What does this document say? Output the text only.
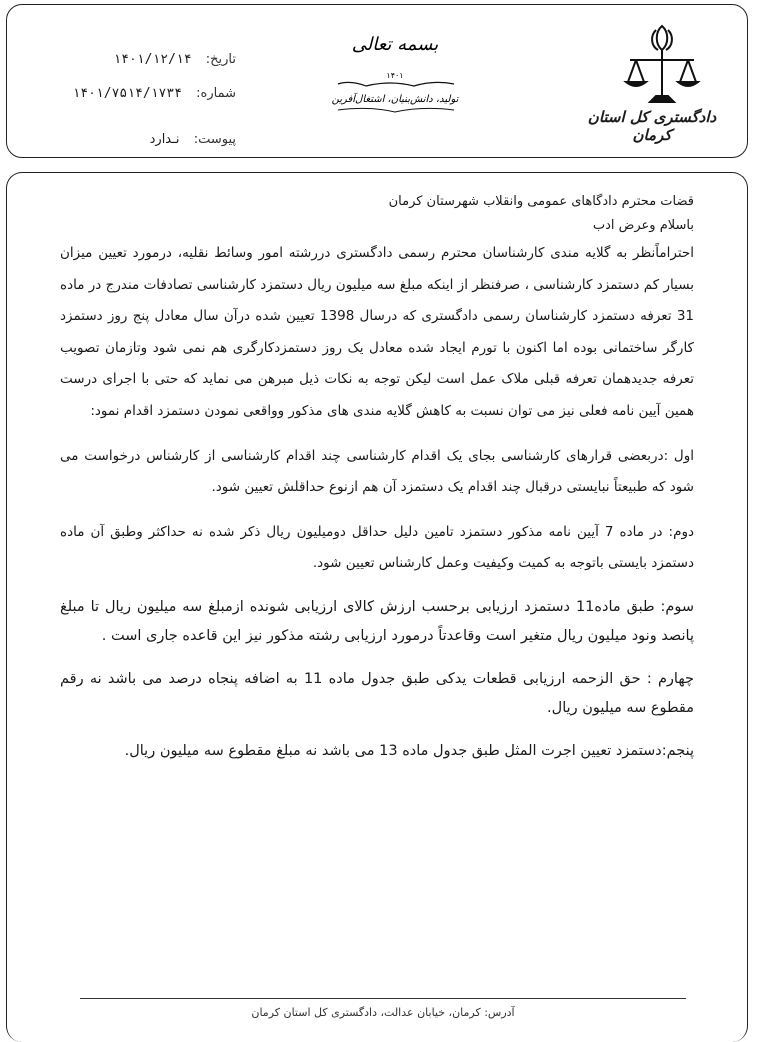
دادگستری کل استان کرمان
بسمه تعالی
۱۴۰۱
تولید، دانش‌بنیان، اشتغال‌آفرین
تاریخ: ۱۴۰۱/۱۲/۱۴
شماره: ۱۴۰۱/۷۵۱۴/۱۷۳۴
پیوست: نـدارد

قضات محترم دادگاهای عمومی وانقلاب شهرستان کرمان

باسلام وعرض ادب

احتراماًنظر به گلایه مندی کارشناسان محترم رسمی دادگستری دررشته امور وسائط نقلیه، درمورد تعیین میزان بسیار کم دستمزد کارشناسی ، صرفنظر از اینکه مبلغ سه میلیون ریال دستمزد کارشناسی تصادفات مندرج در ماده 31 تعرفه دستمزد کارشناسان رسمی دادگستری که درسال 1398 تعیین شده درآن سال معادل پنج روز دستمزد کارگر ساختمانی بوده اما اکنون با تورم ایجاد شده معادل یک روز دستمزدکارگری هم نمی شود وتازمان تصویب تعرفه جدیدهمان تعرفه قبلی ملاک عمل است لیکن توجه به نکات ذیل مبرهن می نماید که حتی با اجرای درست همین آیین نامه فعلی نیز می توان نسبت به کاهش گلایه مندی های مذکور وواقعی نمودن دستمزد اقدام نمود:

اول :دربعضی قرارهای کارشناسی بجای یک اقدام کارشناسی چند اقدام کارشناسی از کارشناس درخواست می شود که طبیعتاً نبایستی درقبال چند اقدام یک دستمزد آن هم ازنوع حداقلش تعیین شود.

دوم: در ماده 7 آیین نامه مذکور دستمزد تامین دلیل حداقل دومیلیون ریال ذکر شده نه حداکثر وطبق آن ماده دستمزد بایستی باتوجه به کمیت وکیفیت وعمل کارشناس تعیین شود.

سوم: طبق ماده11 دستمزد ارزیابی برحسب ارزش کالای ارزیابی شونده ازمبلغ سه میلیون ریال تا مبلغ پانصد ونود میلیون ریال متغیر است وقاعدتاً درمورد ارزیابی رشته مذکور نیز این قاعده جاری است .

چهارم : حق الزحمه ارزیابی قطعات یدکی طبق جدول ماده 11 به اضافه پنجاه درصد می باشد نه رقم مقطوع سه میلیون ریال.

پنجم:دستمزد تعیین اجرت المثل طبق جدول ماده 13 می باشد نه مبلغ مقطوع سه میلیون ریال.

آدرس: کرمان، خیابان عدالت، دادگستری کل استان کرمان
